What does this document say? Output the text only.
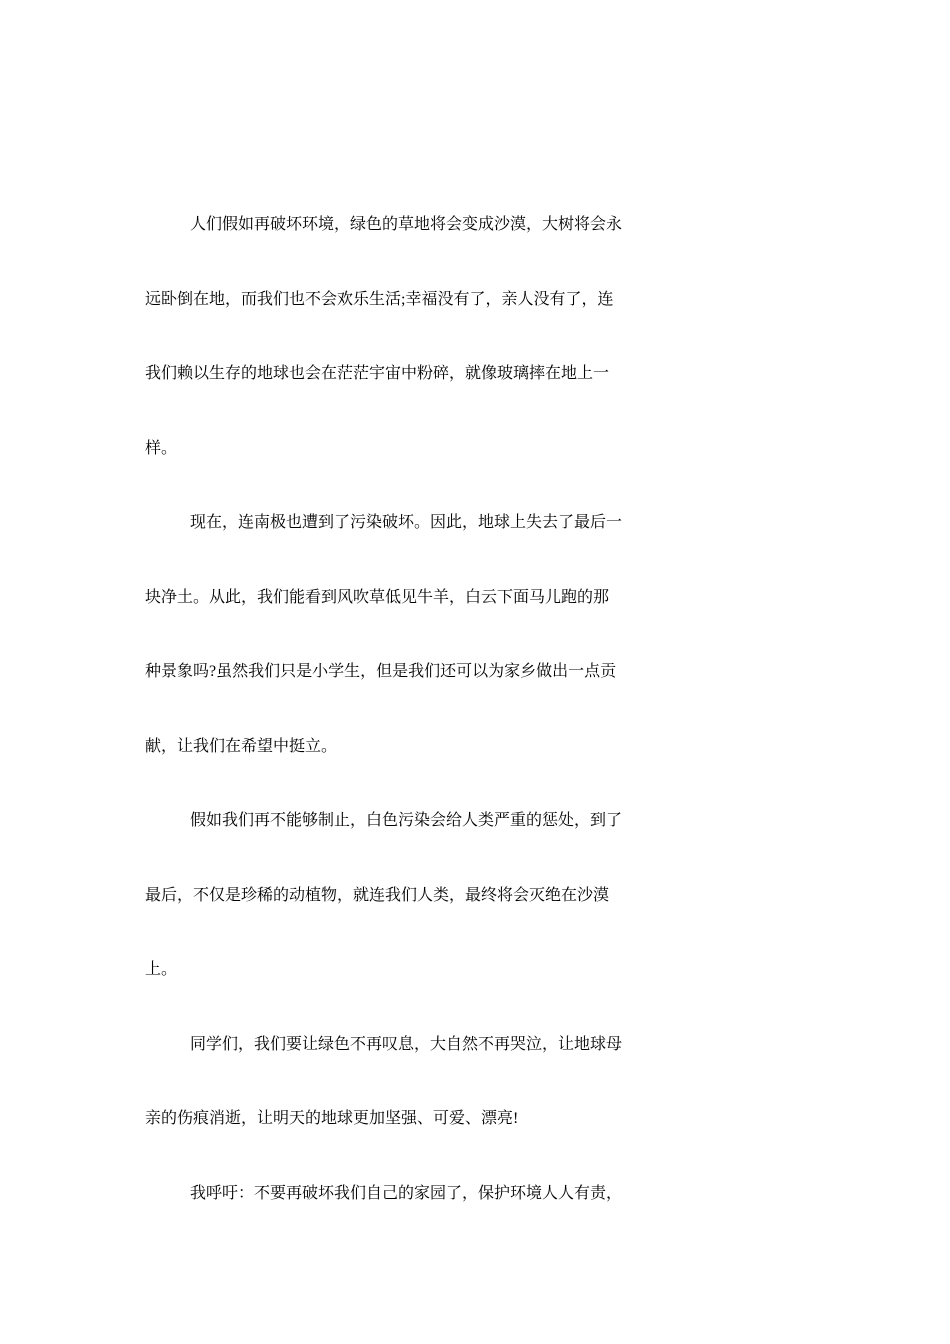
人们假如再破坏环境，绿色的草地将会变成沙漠，大树将会永
远卧倒在地，而我们也不会欢乐生活;幸福没有了，亲人没有了，连
我们赖以生存的地球也会在茫茫宇宙中粉碎，就像玻璃摔在地上一
样。
现在，连南极也遭到了污染破坏。因此，地球上失去了最后一
块净土。从此，我们能看到风吹草低见牛羊，白云下面马儿跑的那
种景象吗?虽然我们只是小学生，但是我们还可以为家乡做出一点贡
献，让我们在希望中挺立。
假如我们再不能够制止，白色污染会给人类严重的惩处，到了
最后，不仅是珍稀的动植物，就连我们人类，最终将会灭绝在沙漠
上。
同学们，我们要让绿色不再叹息，大自然不再哭泣，让地球母
亲的伤痕消逝，让明天的地球更加坚强、可爱、漂亮!
我呼吁：不要再破坏我们自己的家园了，保护环境人人有责，
